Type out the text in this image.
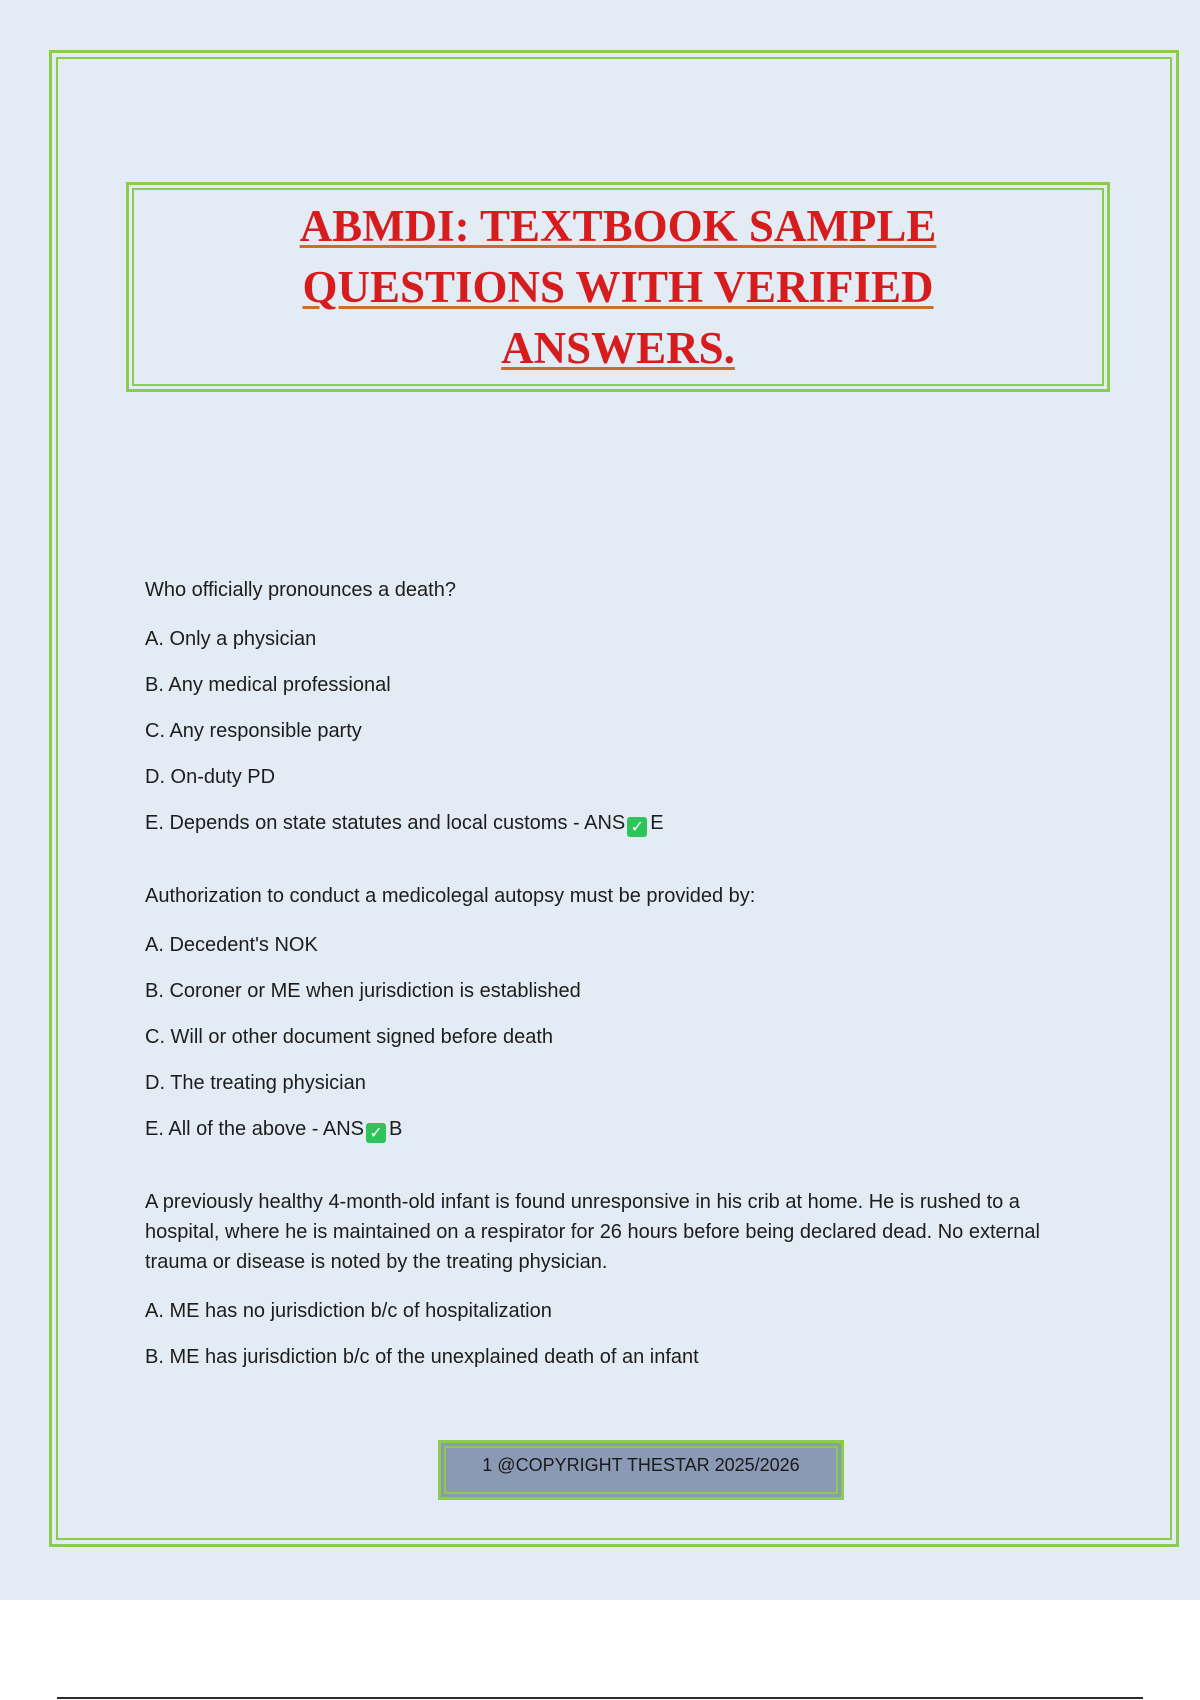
ABMDI: TEXTBOOK SAMPLE QUESTIONS WITH VERIFIED ANSWERS.

Who officially pronounces a death?

A. Only a physician

B. Any medical professional

C. Any responsible party

D. On-duty PD

E. Depends on state statutes and local customs - ANS ✓ E

Authorization to conduct a medicolegal autopsy must be provided by:

A. Decedent's NOK

B. Coroner or ME when jurisdiction is established

C. Will or other document signed before death

D. The treating physician

E. All of the above - ANS ✓ B

A previously healthy 4-month-old infant is found unresponsive in his crib at home. He is rushed to a hospital, where he is maintained on a respirator for 26 hours before being declared dead. No external trauma or disease is noted by the treating physician.

A. ME has no jurisdiction b/c of hospitalization

B. ME has jurisdiction b/c of the unexplained death of an infant

1 @COPYRIGHT THESTAR 2025/2026
